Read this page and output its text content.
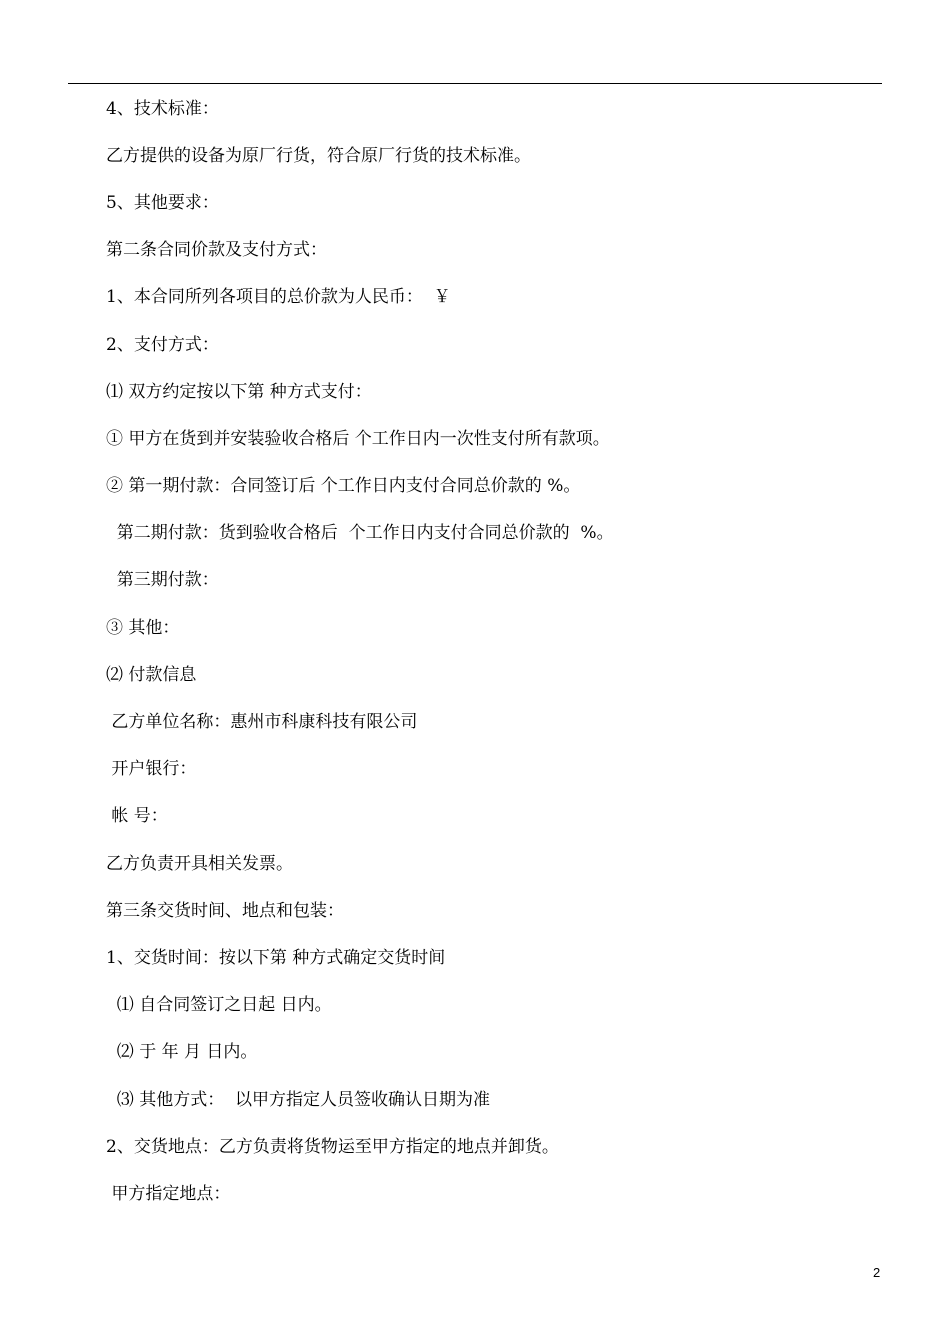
4、技术标准：
乙方提供的设备为原厂行货，符合原厂行货的技术标准。
5、其他要求：
第二条合同价款及支付方式：
1、本合同所列各项目的总价款为人民币：  ￥
2、支付方式：
⑴ 双方约定按以下第 种方式支付：
① 甲方在货到并安装验收合格后 个工作日内一次性支付所有款项。
② 第一期付款：合同签订后 个工作日内支付合同总价款的 %。
第二期付款：货到验收合格后  个工作日内支付合同总价款的  %。
第三期付款：
③ 其他：
⑵ 付款信息
乙方单位名称：惠州市科康科技有限公司
开户银行：
帐 号：
乙方负责开具相关发票。
第三条交货时间、地点和包装：
1、交货时间：按以下第 种方式确定交货时间
⑴ 自合同签订之日起 日内。
⑵ 于 年 月 日内。
⑶ 其他方式：  以甲方指定人员签收确认日期为准
2、交货地点：乙方负责将货物运至甲方指定的地点并卸货。
甲方指定地点：
2
